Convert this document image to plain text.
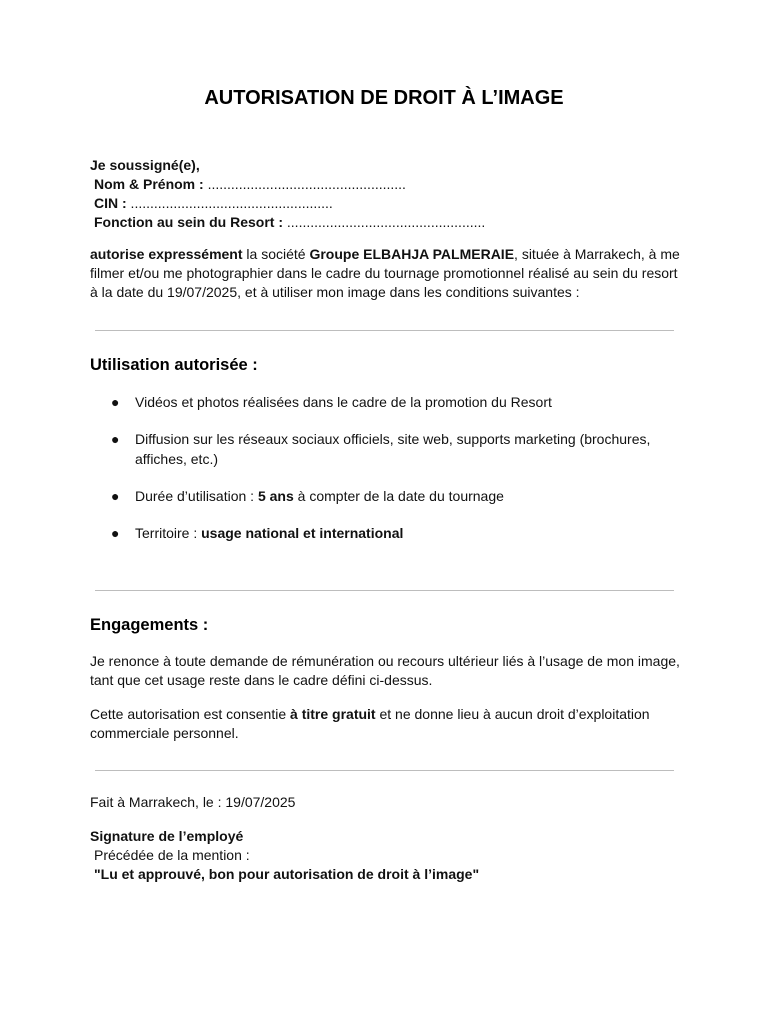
AUTORISATION DE DROIT À L’IMAGE
Je soussigné(e),
Nom & Prénom : ...................................................
CIN : ....................................................
Fonction au sein du Resort : ...................................................

autorise expressément la société Groupe ELBAHJA PALMERAIE, située à Marrakech, à me filmer et/ou me photographier dans le cadre du tournage promotionnel réalisé au sein du resort à la date du 19/07/2025, et à utiliser mon image dans les conditions suivantes :

Utilisation autorisée :
● Vidéos et photos réalisées dans le cadre de la promotion du Resort
● Diffusion sur les réseaux sociaux officiels, site web, supports marketing (brochures, affiches, etc.)
● Durée d’utilisation : 5 ans à compter de la date du tournage
● Territoire : usage national et international
Engagements :

Je renonce à toute demande de rémunération ou recours ultérieur liés à l’usage de mon image, tant que cet usage reste dans le cadre défini ci-dessus.

Cette autorisation est consentie à titre gratuit et ne donne lieu à aucun droit d’exploitation commerciale personnel.

Fait à Marrakech, le : 19/07/2025

Signature de l’employé
Précédée de la mention :
"Lu et approuvé, bon pour autorisation de droit à l’image"
